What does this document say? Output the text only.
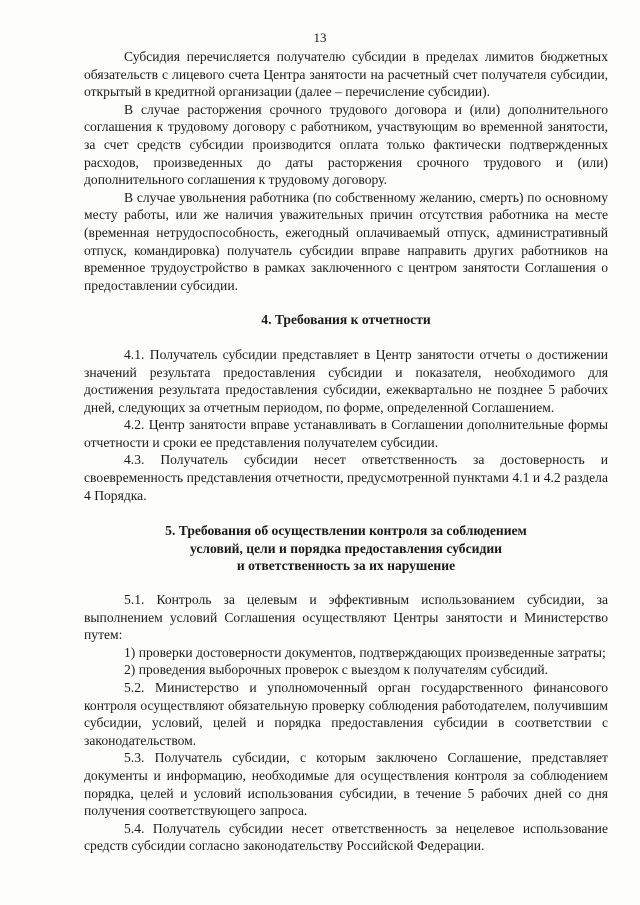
13

Субсидия перечисляется получателю субсидии в пределах лимитов бюджетных обязательств с лицевого счета Центра занятости на расчетный счет получателя субсидии, открытый в кредитной организации (далее – перечисление субсидии).

В случае расторжения срочного трудового договора и (или) дополнительного соглашения к трудовому договору с работником, участвующим во временной занятости, за счет средств субсидии производится оплата только фактически подтвержденных расходов, произведенных до даты расторжения срочного трудового и (или) дополнительного соглашения к трудовому договору.

В случае увольнения работника (по собственному желанию, смерть) по основному месту работы, или же наличия уважительных причин отсутствия работника на месте (временная нетрудоспособность, ежегодный оплачиваемый отпуск, административный отпуск, командировка) получатель субсидии вправе направить других работников на временное трудоустройство в рамках заключенного с центром занятости Соглашения о предоставлении субсидии.

4. Требования к отчетности

4.1. Получатель субсидии представляет в Центр занятости отчеты о достижении значений результата предоставления субсидии и показателя, необходимого для достижения результата предоставления субсидии, ежеквартально не позднее 5 рабочих дней, следующих за отчетным периодом, по форме, определенной Соглашением.

4.2. Центр занятости вправе устанавливать в Соглашении дополнительные формы отчетности и сроки ее представления получателем субсидии.

4.3. Получатель субсидии несет ответственность за достоверность и своевременность представления отчетности, предусмотренной пунктами 4.1 и 4.2 раздела 4 Порядка.

5. Требования об осуществлении контроля за соблюдением
условий, цели и порядка предоставления субсидии
и ответственность за их нарушение

5.1. Контроль за целевым и эффективным использованием субсидии, за выполнением условий Соглашения осуществляют Центры занятости и Министерство путем:

1) проверки достоверности документов, подтверждающих произведенные затраты;

2) проведения выборочных проверок с выездом к получателям субсидий.

5.2. Министерство и уполномоченный орган государственного финансового контроля осуществляют обязательную проверку соблюдения работодателем, получившим субсидии, условий, целей и порядка предоставления субсидии в соответствии с законодательством.

5.3. Получатель субсидии, с которым заключено Соглашение, представляет документы и информацию, необходимые для осуществления контроля за соблюдением порядка, целей и условий использования субсидии, в течение 5 рабочих дней со дня получения соответствующего запроса.

5.4. Получатель субсидии несет ответственность за нецелевое использование средств субсидии согласно законодательству Российской Федерации.
